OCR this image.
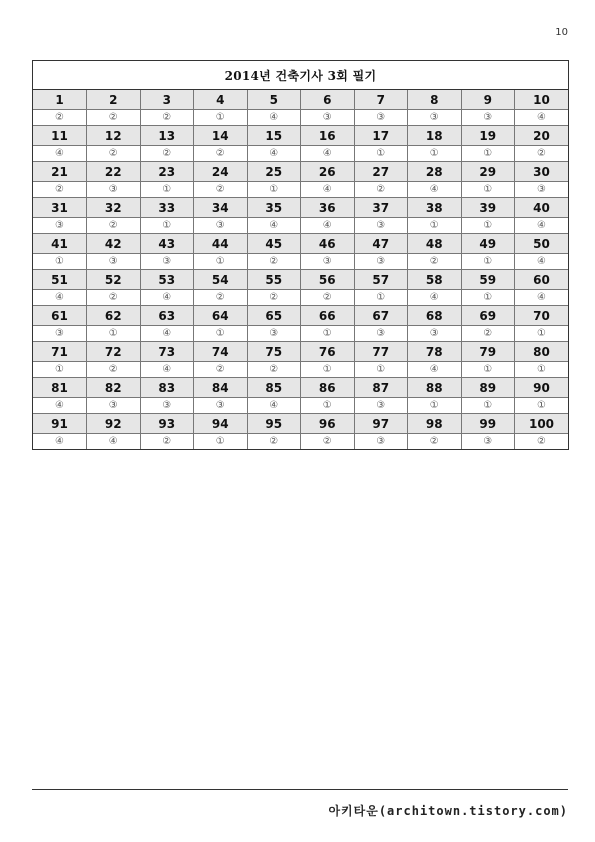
10
2014년 건축기사 3회 필기
1	2	3	4	5	6	7	8	9	10
②	②	②	①	④	③	③	③	③	④
11	12	13	14	15	16	17	18	19	20
④	②	②	②	④	④	①	①	①	②
21	22	23	24	25	26	27	28	29	30
②	③	①	②	①	④	②	④	①	③
31	32	33	34	35	36	37	38	39	40
③	②	①	③	④	④	③	①	①	④
41	42	43	44	45	46	47	48	49	50
①	③	③	①	②	③	③	②	①	④
51	52	53	54	55	56	57	58	59	60
④	②	④	②	②	②	①	④	①	④
61	62	63	64	65	66	67	68	69	70
③	①	④	①	③	①	③	③	②	①
71	72	73	74	75	76	77	78	79	80
①	②	④	②	②	①	①	④	①	①
81	82	83	84	85	86	87	88	89	90
④	③	③	③	④	①	③	①	①	①
91	92	93	94	95	96	97	98	99	100
④	④	②	①	②	②	③	②	③	②
아키타운(architown.tistory.com)
